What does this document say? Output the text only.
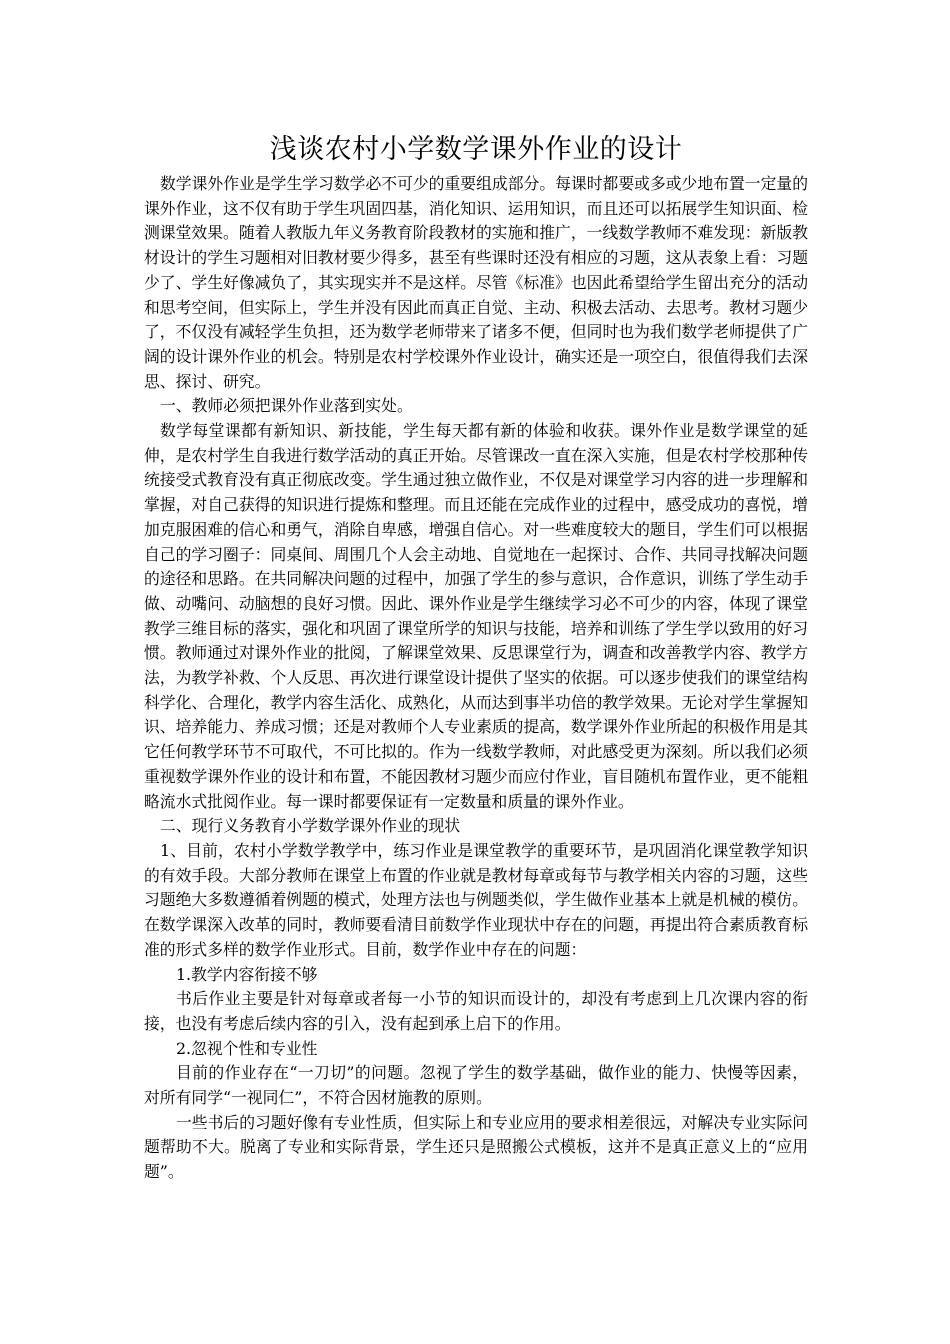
浅谈农村小学数学课外作业的设计

数学课外作业是学生学习数学必不可少的重要组成部分。每课时都要或多或少地布置一定量的课外作业，这不仅有助于学生巩固四基，消化知识、运用知识，而且还可以拓展学生知识面、检测课堂效果。随着人教版九年义务教育阶段教材的实施和推广，一线数学教师不难发现：新版教材设计的学生习题相对旧教材要少得多，甚至有些课时还没有相应的习题，这从表象上看：习题少了、学生好像减负了，其实现实并不是这样。尽管《标准》也因此希望给学生留出充分的活动和思考空间，但实际上，学生并没有因此而真正自觉、主动、积极去活动、去思考。教材习题少了，不仅没有减轻学生负担，还为数学老师带来了诸多不便，但同时也为我们数学老师提供了广阔的设计课外作业的机会。特别是农村学校课外作业设计，确实还是一项空白，很值得我们去深思、探讨、研究。

一、教师必须把课外作业落到实处。

数学每堂课都有新知识、新技能，学生每天都有新的体验和收获。课外作业是数学课堂的延伸，是农村学生自我进行数学活动的真正开始。尽管课改一直在深入实施，但是农村学校那种传统接受式教育没有真正彻底改变。学生通过独立做作业，不仅是对课堂学习内容的进一步理解和掌握，对自己获得的知识进行提炼和整理。而且还能在完成作业的过程中，感受成功的喜悦，增加克服困难的信心和勇气，消除自卑感，增强自信心。对一些难度较大的题目，学生们可以根据自己的学习圈子：同桌间、周围几个人会主动地、自觉地在一起探讨、合作、共同寻找解决问题的途径和思路。在共同解决问题的过程中，加强了学生的参与意识，合作意识，训练了学生动手做、动嘴问、动脑想的良好习惯。因此、课外作业是学生继续学习必不可少的内容，体现了课堂教学三维目标的落实，强化和巩固了课堂所学的知识与技能，培养和训练了学生学以致用的好习惯。教师通过对课外作业的批阅，了解课堂效果、反思课堂行为，调查和改善教学内容、教学方法，为教学补救、个人反思、再次进行课堂设计提供了坚实的依据。可以逐步使我们的课堂结构科学化、合理化，教学内容生活化、成熟化，从而达到事半功倍的教学效果。无论对学生掌握知识、培养能力、养成习惯；还是对教师个人专业素质的提高，数学课外作业所起的积极作用是其它任何教学环节不可取代，不可比拟的。作为一线数学教师，对此感受更为深刻。所以我们必须重视数学课外作业的设计和布置，不能因教材习题少而应付作业，盲目随机布置作业，更不能粗略流水式批阅作业。每一课时都要保证有一定数量和质量的课外作业。

二、现行义务教育小学数学课外作业的现状

1、目前，农村小学数学教学中，练习作业是课堂教学的重要环节，是巩固消化课堂教学知识的有效手段。大部分教师在课堂上布置的作业就是教材每章或每节与教学相关内容的习题，这些习题绝大多数遵循着例题的模式，处理方法也与例题类似，学生做作业基本上就是机械的模仿。在数学课深入改革的同时，教师要看清目前数学作业现状中存在的问题，再提出符合素质教育标准的形式多样的数学作业形式。目前，数学作业中存在的问题：

1.教学内容衔接不够

书后作业主要是针对每章或者每一小节的知识而设计的，却没有考虑到上几次课内容的衔接，也没有考虑后续内容的引入，没有起到承上启下的作用。

2.忽视个性和专业性

目前的作业存在“一刀切”的问题。忽视了学生的数学基础，做作业的能力、快慢等因素，对所有同学“一视同仁”，不符合因材施教的原则。

一些书后的习题好像有专业性质，但实际上和专业应用的要求相差很远，对解决专业实际问题帮助不大。脱离了专业和实际背景，学生还只是照搬公式模板，这并不是真正意义上的“应用题”。
